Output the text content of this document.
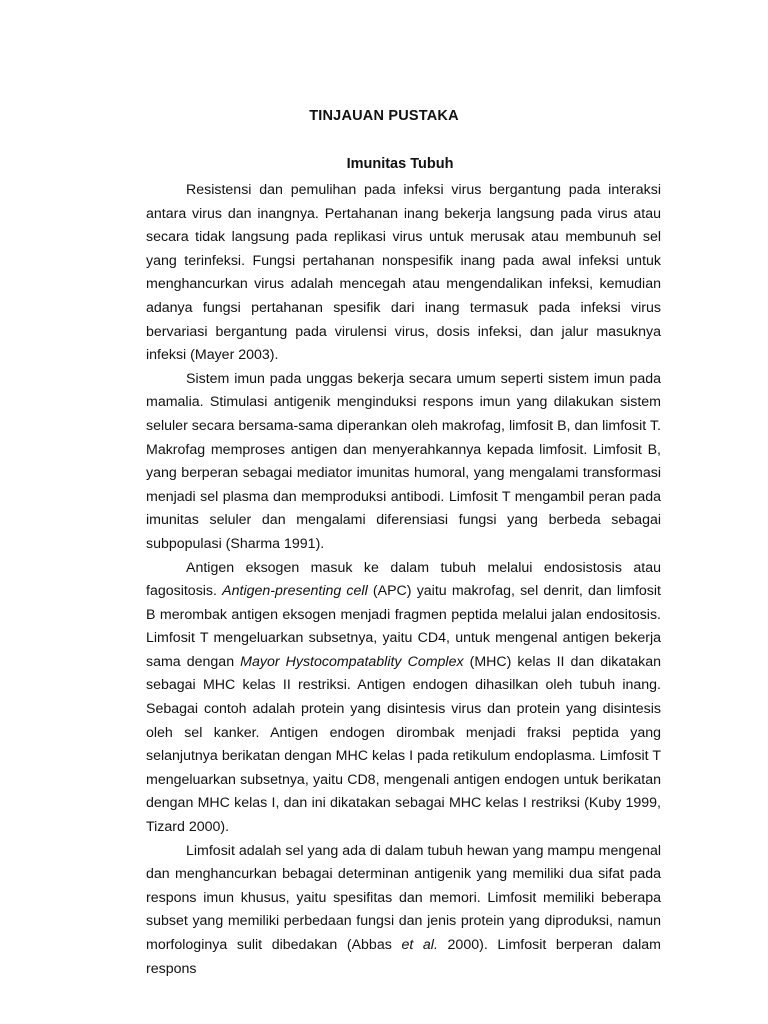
TINJAUAN PUSTAKA
Imunitas Tubuh

Resistensi dan pemulihan pada infeksi virus bergantung pada interaksi antara virus dan inangnya. Pertahanan inang bekerja langsung pada virus atau secara tidak langsung pada replikasi virus untuk merusak atau membunuh sel yang terinfeksi. Fungsi pertahanan nonspesifik inang pada awal infeksi untuk menghancurkan virus adalah mencegah atau mengendalikan infeksi, kemudian adanya fungsi pertahanan spesifik dari inang termasuk pada infeksi virus bervariasi bergantung pada virulensi virus, dosis infeksi, dan jalur masuknya infeksi (Mayer 2003).

Sistem imun pada unggas bekerja secara umum seperti sistem imun pada mamalia. Stimulasi antigenik menginduksi respons imun yang dilakukan sistem seluler secara bersama-sama diperankan oleh makrofag, limfosit B, dan limfosit T. Makrofag memproses antigen dan menyerahkannya kepada limfosit. Limfosit B, yang berperan sebagai mediator imunitas humoral, yang mengalami transformasi menjadi sel plasma dan memproduksi antibodi. Limfosit T mengambil peran pada imunitas seluler dan mengalami diferensiasi fungsi yang berbeda sebagai subpopulasi (Sharma 1991).

Antigen eksogen masuk ke dalam tubuh melalui endosistosis atau fagositosis. Antigen-presenting cell (APC) yaitu makrofag, sel denrit, dan limfosit B merombak antigen eksogen menjadi fragmen peptida melalui jalan endositosis. Limfosit T mengeluarkan subsetnya, yaitu CD4, untuk mengenal antigen bekerja sama dengan Mayor Hystocompatablity Complex (MHC) kelas II dan dikatakan sebagai MHC kelas II restriksi. Antigen endogen dihasilkan oleh tubuh inang. Sebagai contoh adalah protein yang disintesis virus dan protein yang disintesis oleh sel kanker. Antigen endogen dirombak menjadi fraksi peptida yang selanjutnya berikatan dengan MHC kelas I pada retikulum endoplasma. Limfosit T mengeluarkan subsetnya, yaitu CD8, mengenali antigen endogen untuk berikatan dengan MHC kelas I, dan ini dikatakan sebagai MHC kelas I restriksi (Kuby 1999, Tizard 2000).

Limfosit adalah sel yang ada di dalam tubuh hewan yang mampu mengenal dan menghancurkan bebagai determinan antigenik yang memiliki dua sifat pada respons imun khusus, yaitu spesifitas dan memori. Limfosit memiliki beberapa subset yang memiliki perbedaan fungsi dan jenis protein yang diproduksi, namun morfologinya sulit dibedakan (Abbas et al. 2000). Limfosit berperan dalam respons
